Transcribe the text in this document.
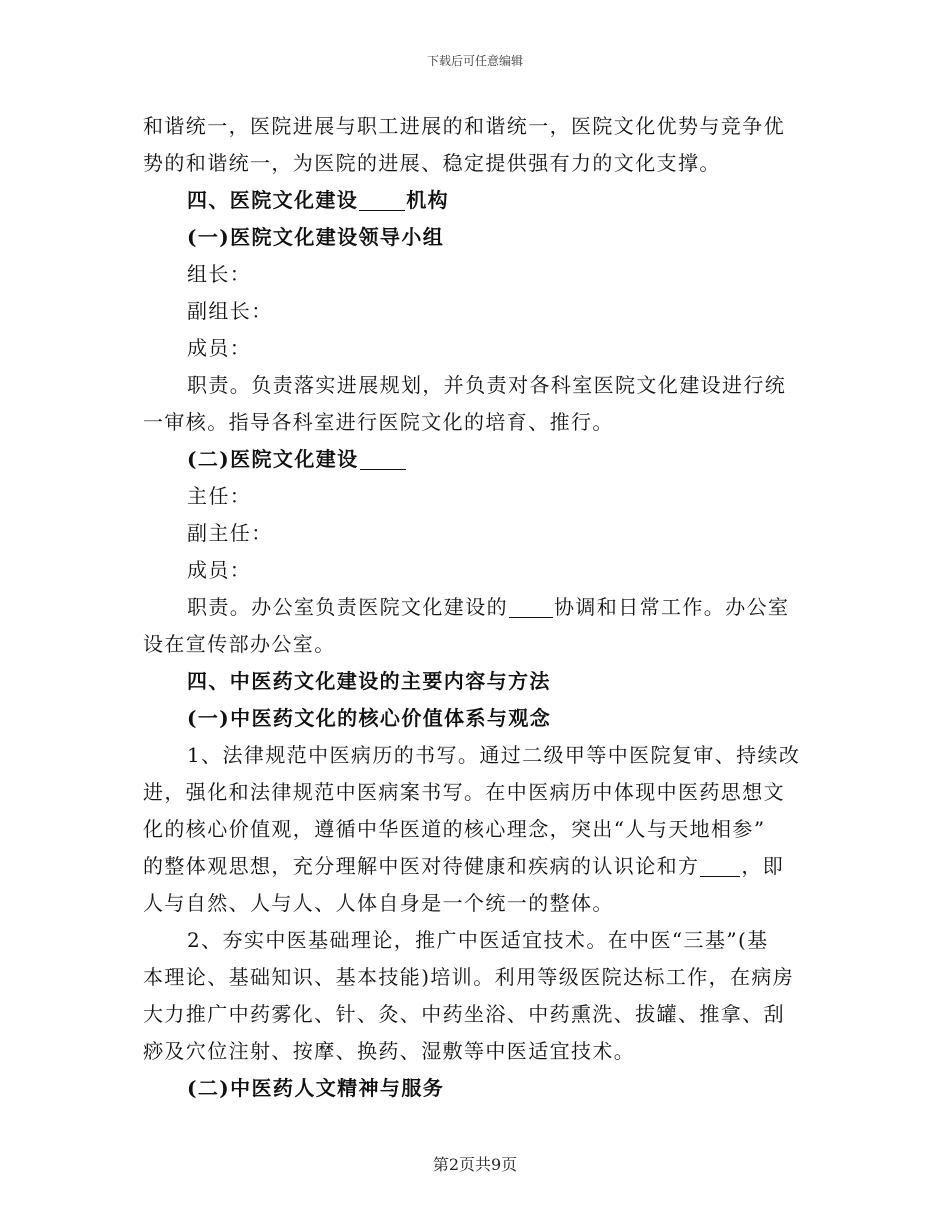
下载后可任意编辑
和谐统一，医院进展与职工进展的和谐统一，医院文化优势与竞争优
势的和谐统一，为医院的进展、稳定提供强有力的文化支撑。
四、医院文化建设 机构
(一)医院文化建设领导小组
组长：
副组长：
成员：
职责。负责落实进展规划，并负责对各科室医院文化建设进行统
一审核。指导各科室进行医院文化的培育、推行。
(二)医院文化建设
主任：
副主任：
成员：
职责。办公室负责医院文化建设的 协调和日常工作。办公室
设在宣传部办公室。
四、中医药文化建设的主要内容与方法
(一)中医药文化的核心价值体系与观念
1、法律规范中医病历的书写。通过二级甲等中医院复审、持续改
进，强化和法律规范中医病案书写。在中医病历中体现中医药思想文
化的核心价值观，遵循中华医道的核心理念，突出“人与天地相参”
的整体观思想，充分理解中医对待健康和疾病的认识论和方 ，即
人与自然、人与人、人体自身是一个统一的整体。
2、夯实中医基础理论，推广中医适宜技术。在中医“三基”(基
本理论、基础知识、基本技能)培训。利用等级医院达标工作，在病房
大力推广中药雾化、针、灸、中药坐浴、中药熏洗、拔罐、推拿、刮
痧及穴位注射、按摩、换药、湿敷等中医适宜技术。
(二)中医药人文精神与服务
第2页共9页
